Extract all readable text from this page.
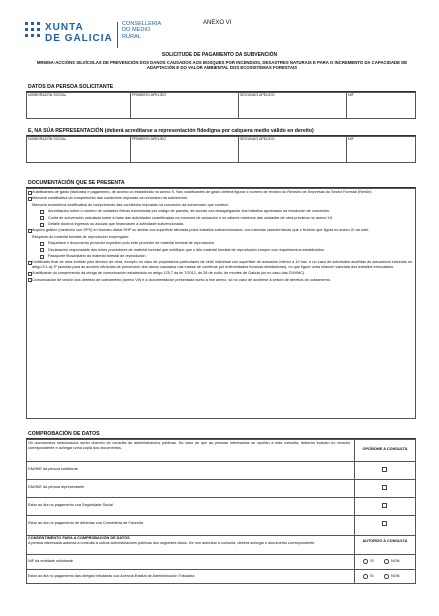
XUNTA
DE GALICIA
CONSELLERÍA
DO MEDIO
RURAL
ANEXO VI
SOLICITUDE DE PAGAMENTO DA SUBVENCIÓN
MR605A-ACCIÓNS SILVÍCOLAS DE PREVENCIÓN DOS DANOS CAUSADOS AOS BOSQUES POR INCENDIOS, DESASTRES NATURAIS E PARA O INCREMENTO DA CAPACIDADE DE ADAPTACIÓN E DO VALOR AMBIENTAL DOS ECOSISTEMAS FORESTAIS
DATOS DA PERSOA SOLICITANTE
NOME/RAZÓN SOCIAL	PRIMEIRO APELIDO	SEGUNDO APELIDO	NIF
E, NA SÚA REPRESENTACIÓN (deberá acreditarse a representación fidedigna por calquera medio válido en dereito)
NOME/RAZÓN SOCIAL	PRIMEIRO APELIDO	SEGUNDO APELIDO	NIF
DOCUMENTACIÓN QUE SE PRESENTA
Xustificantes de gasto (facturas) e pagamento, de acordo co establecido no anexo X. Nos xustificantes de gasto deberá figurar o número de rexistro do Rexistro de Empresas do Sector Forestal (Resfor).
Memoria xustificativa do cumprimento das condicións impostas na concesión da subvención.
Memoria económica xustificativa do cumprimento das condicións impostas na concesión da subvención que conterá:
Acreditación sobre o número de unidades físicas executadas por código de parcela, de acordo coa desagregación dos traballos aprobados na resolución de concesión.
Conta de subvención calculada sobre a base das actividades cuantificadas na memoria de actuación e os valores máximos das unidades de obra previstos no anexo XII.
Detalle doutros ingresos ou axudas que financiasen a actividade subvencionada.
Arquivo gráfico (medición con GPS) en formato dixital SHP ou similar cos superficie afectada polos traballos subvencionados, cos mesmas características que o ficheiro que figura no anexo IX da orde.
Respecto do material forestal de reprodución empregado:
Etiquetaxe e documento provedor expedido polo ente provedor de material forestal de reprodución.
Declaración responsable dos entes provedores de material forestal que certifique que o dito material forestal de reprodución cumpre cos requirimentos establecidos.
Pasaporte fitosanitario do material forestal de reprodución.
Certificado final de obra emitido polo director de obra, excepto no caso de propietarios particulares de vinte individual con superficie de actuación inferior a 10 hac. e no caso de solicitudes acollidas ás actuacións incluídas no artigo 5.1.a).3º (axudas para as accións silvícolas de prevención dos danos causados nas masas de coníferas por enfermidades fúnxicas defoliadoras), no que figure unha relación valorada dos traballos executados.
Xustificante do cumprimento da obriga de comunicación establecida no artigo 125.7 da lei 7/2012, do 28 de xuño, de montes de Galicia (só no caso das CMVMC).
Comunicación de cesión dos dereitos de cobramento (anexo VII) e a documentación presentada xunto a ese anexo, só no caso de acollerse á cesión de dereitos de cobramento.
COMPROBACIÓN DE DATOS
Os documentos relacionados serán obxecto de consulta ás administracións públicas. No caso de que as persoas interesadas se opoñan a esta consulta, deberán indicalo no recadro correspondente e achegar unha copia dos documentos.	OPÓÑOME A CONSULTA
DNI/NIE da persoa solicitante
DNI/NIE da persoa representante
Estar ao día no pagamento coa Seguridade Social
Estar ao día no pagamento de débedas coa Consellería de Facenda
CONSENTIMENTO PARA A COMPROBACIÓN DE DATOS
A persoa interesada autoriza a consulta a outras administracións públicas dos seguintes datos. De non autorizar a consulta, deberá achegar o documento correspondente.	AUTORIZO A CONSULTA
NIF da entidade solicitante	SI	NON
Estar ao día no pagamento das obrigas tributarias coa Axencia Estatal de Administración Tributaria	SI	NON
